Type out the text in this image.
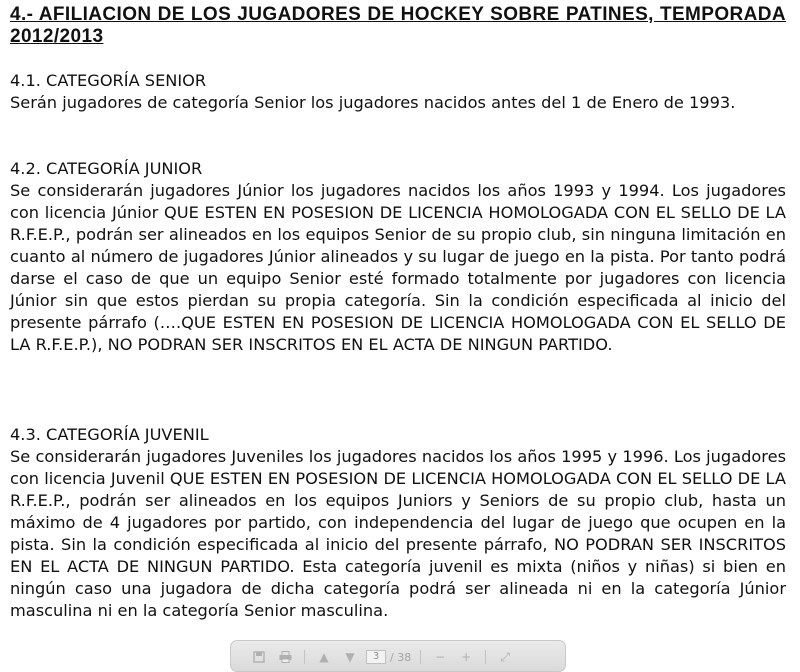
4.- AFILIACION DE LOS JUGADORES DE HOCKEY SOBRE PATINES, TEMPORADA 2012/2013

4.1. CATEGORÍA SENIOR

Serán jugadores de categoría Senior los jugadores nacidos antes del 1 de Enero de 1993.

4.2. CATEGORÍA JUNIOR

Se considerarán jugadores Júnior los jugadores nacidos los años 1993 y 1994. Los jugadores con licencia Júnior QUE ESTEN EN POSESION DE LICENCIA HOMOLOGADA CON EL SELLO DE LA R.F.E.P., podrán ser alineados en los equipos Senior de su propio club, sin ninguna limitación en cuanto al número de jugadores Júnior alineados y su lugar de juego en la pista. Por tanto podrá darse el caso de que un equipo Senior esté formado totalmente por jugadores con licencia Júnior sin que estos pierdan su propia categoría. Sin la condición especificada al inicio del presente párrafo (….QUE ESTEN EN POSESION DE LICENCIA HOMOLOGADA CON EL SELLO DE LA R.F.E.P.), NO PODRAN SER INSCRITOS EN EL ACTA DE NINGUN PARTIDO.

4.3. CATEGORÍA JUVENIL

Se considerarán jugadores Juveniles los jugadores nacidos los años 1995 y 1996. Los jugadores con licencia Juvenil QUE ESTEN EN POSESION DE LICENCIA HOMOLOGADA CON EL SELLO DE LA R.F.E.P., podrán ser alineados en los equipos Juniors y Seniors de su propio club, hasta un máximo de 4 jugadores por partido, con independencia del lugar de juego que ocupen en la pista. Sin la condición especificada al inicio del presente párrafo, NO PODRAN SER INSCRITOS EN EL ACTA DE NINGUN PARTIDO. Esta categoría juvenil es mixta (niños y niñas) si bien en ningún caso una jugadora de dicha categoría podrá ser alineada ni en la categoría Júnior masculina ni en la categoría Senior masculina.

▲	▼	3 / 38	−	+	⤢
